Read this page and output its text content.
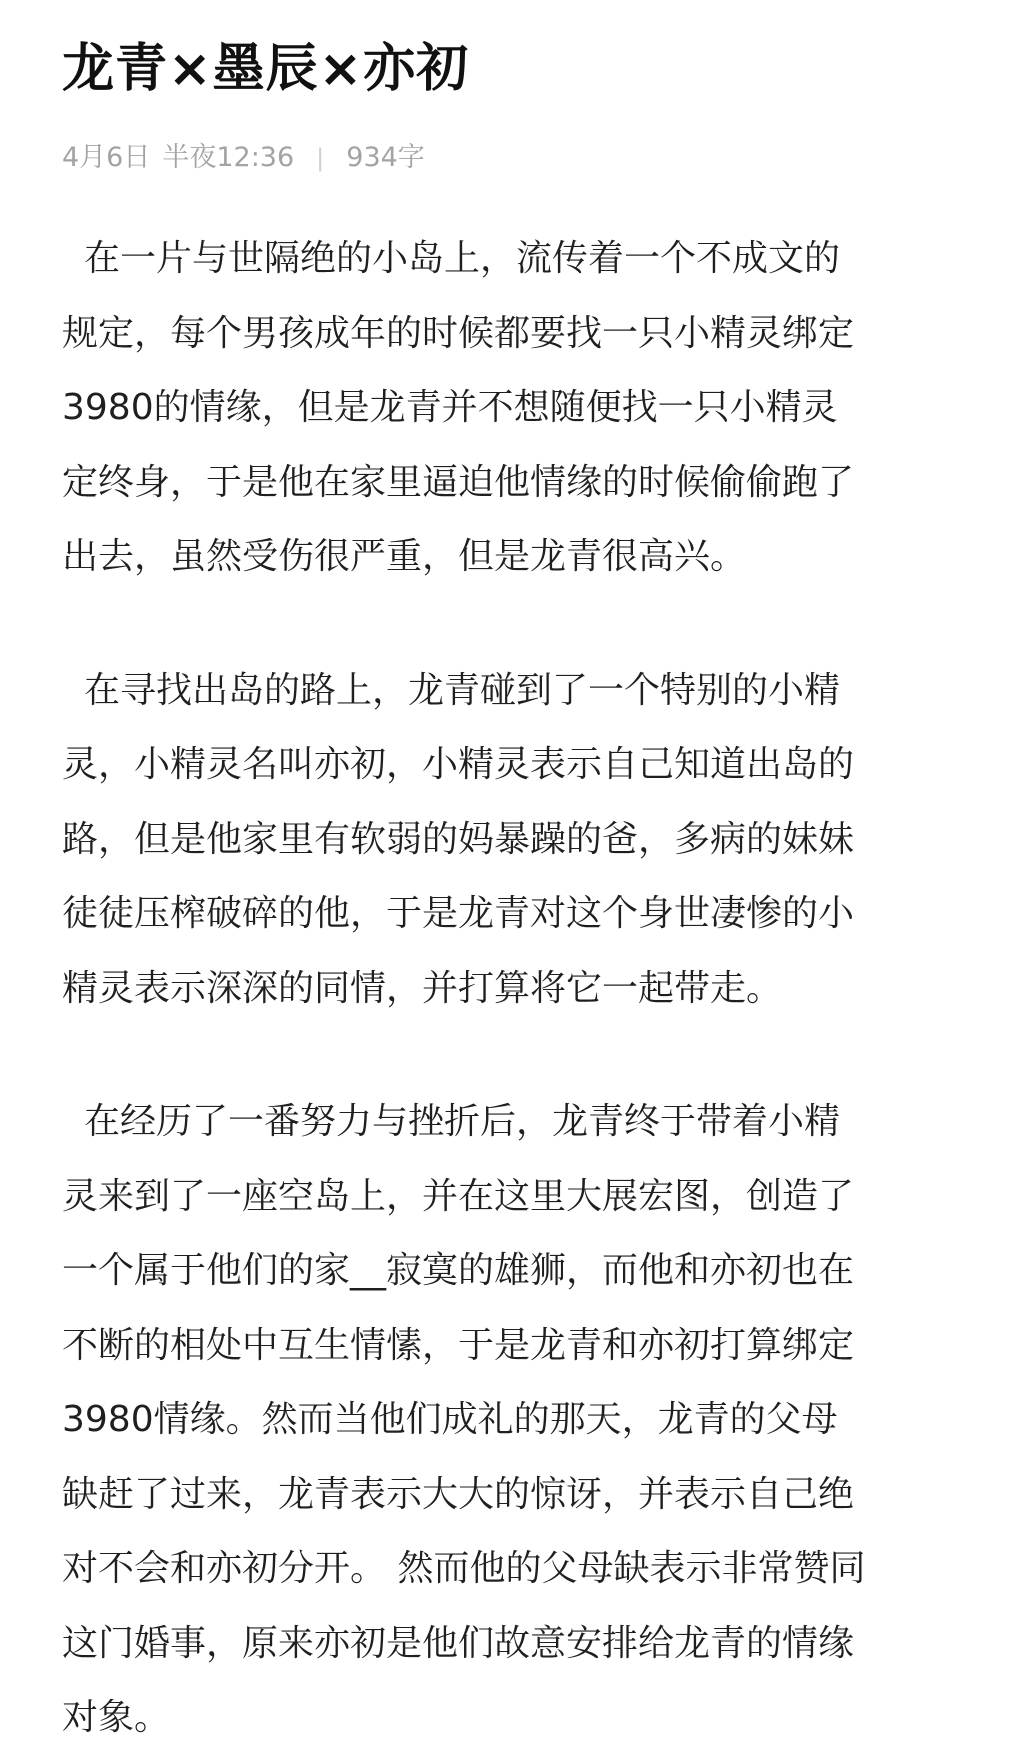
龙青×墨辰×亦初
4月6日 半夜12:36 | 934字

在一片与世隔绝的小岛上，流传着一个不成文的
规定，每个男孩成年的时候都要找一只小精灵绑定
3980的情缘，但是龙青并不想随便找一只小精灵
定终身，于是他在家里逼迫他情缘的时候偷偷跑了
出去，虽然受伤很严重，但是龙青很高兴。

在寻找出岛的路上，龙青碰到了一个特别的小精
灵，小精灵名叫亦初，小精灵表示自己知道出岛的
路，但是他家里有软弱的妈暴躁的爸，多病的妹妹
徒徒压榨破碎的他，于是龙青对这个身世凄惨的小
精灵表示深深的同情，并打算将它一起带走。

在经历了一番努力与挫折后，龙青终于带着小精
灵来到了一座空岛上，并在这里大展宏图，创造了
一个属于他们的家__寂寞的雄狮，而他和亦初也在
不断的相处中互生情愫，于是龙青和亦初打算绑定
3980情缘。然而当他们成礼的那天，龙青的父母
缺赶了过来，龙青表示大大的惊讶，并表示自己绝
对不会和亦初分开。 然而他的父母缺表示非常赞同
这门婚事，原来亦初是他们故意安排给龙青的情缘
对象。
